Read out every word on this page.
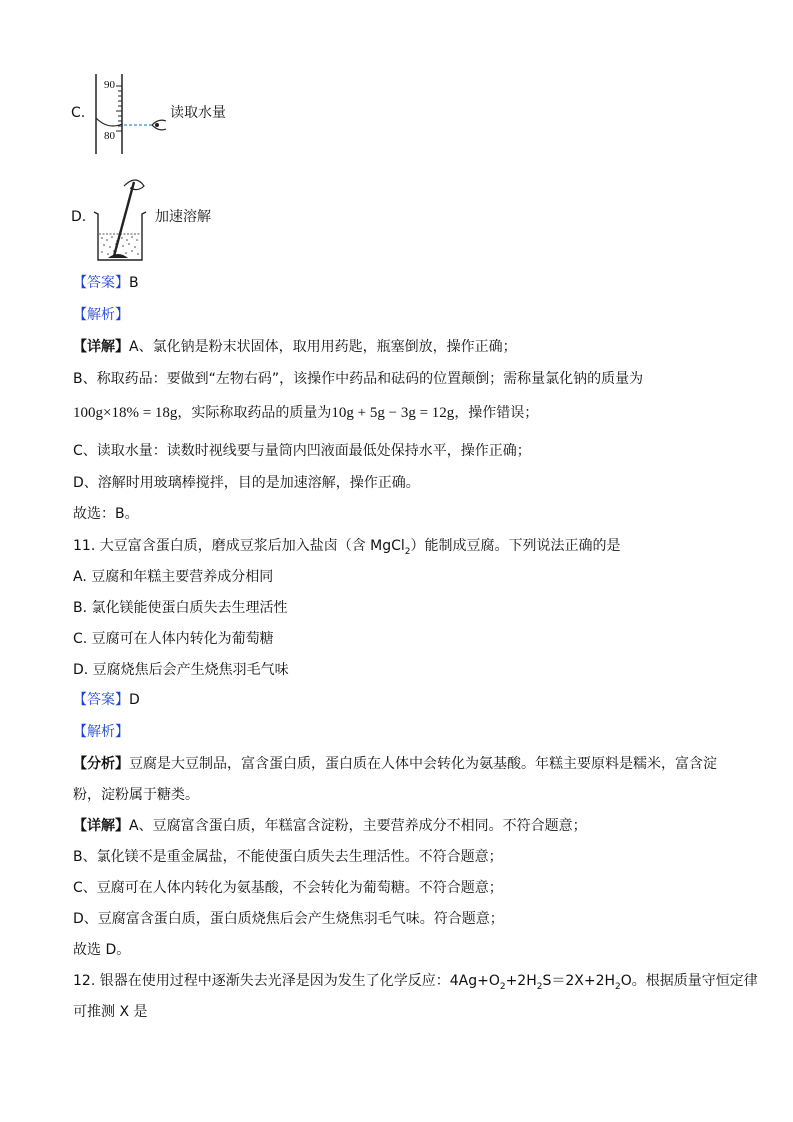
C.
90
80
读取水量
D.	加速溶解
【答案】B
【解析】
【详解】A、氯化钠是粉末状固体，取用用药匙，瓶塞倒放，操作正确；
B、称取药品：要做到“左物右码”，该操作中药品和砝码的位置颠倒；需称量氯化钠的质量为
100g×18% = 18g，实际称取药品的质量为10g + 5g − 3g = 12g，操作错误；
C、读取水量：读数时视线要与量筒内凹液面最低处保持水平，操作正确；
D、溶解时用玻璃棒搅拌，目的是加速溶解，操作正确。
故选：B。
11. 大豆富含蛋白质，磨成豆浆后加入盐卤（含 MgCl$_2$）能制成豆腐。下列说法正确的是
A. 豆腐和年糕主要营养成分相同
B. 氯化镁能使蛋白质失去生理活性
C. 豆腐可在人体内转化为葡萄糖
D. 豆腐烧焦后会产生烧焦羽毛气味
【答案】D
【解析】
【分析】豆腐是大豆制品，富含蛋白质，蛋白质在人体中会转化为氨基酸。年糕主要原料是糯米，富含淀
粉，淀粉属于糖类。
【详解】A、豆腐富含蛋白质，年糕富含淀粉，主要营养成分不相同。不符合题意；
B、氯化镁不是重金属盐，不能使蛋白质失去生理活性。不符合题意；
C、豆腐可在人体内转化为氨基酸，不会转化为葡萄糖。不符合题意；
D、豆腐富含蛋白质，蛋白质烧焦后会产生烧焦羽毛气味。符合题意；
故选 D。
12. 银器在使用过程中逐渐失去光泽是因为发生了化学反应：$4Ag+O_2+2H_2S=2X+2H_2O$。根据质量守恒定律
可推测 X 是
